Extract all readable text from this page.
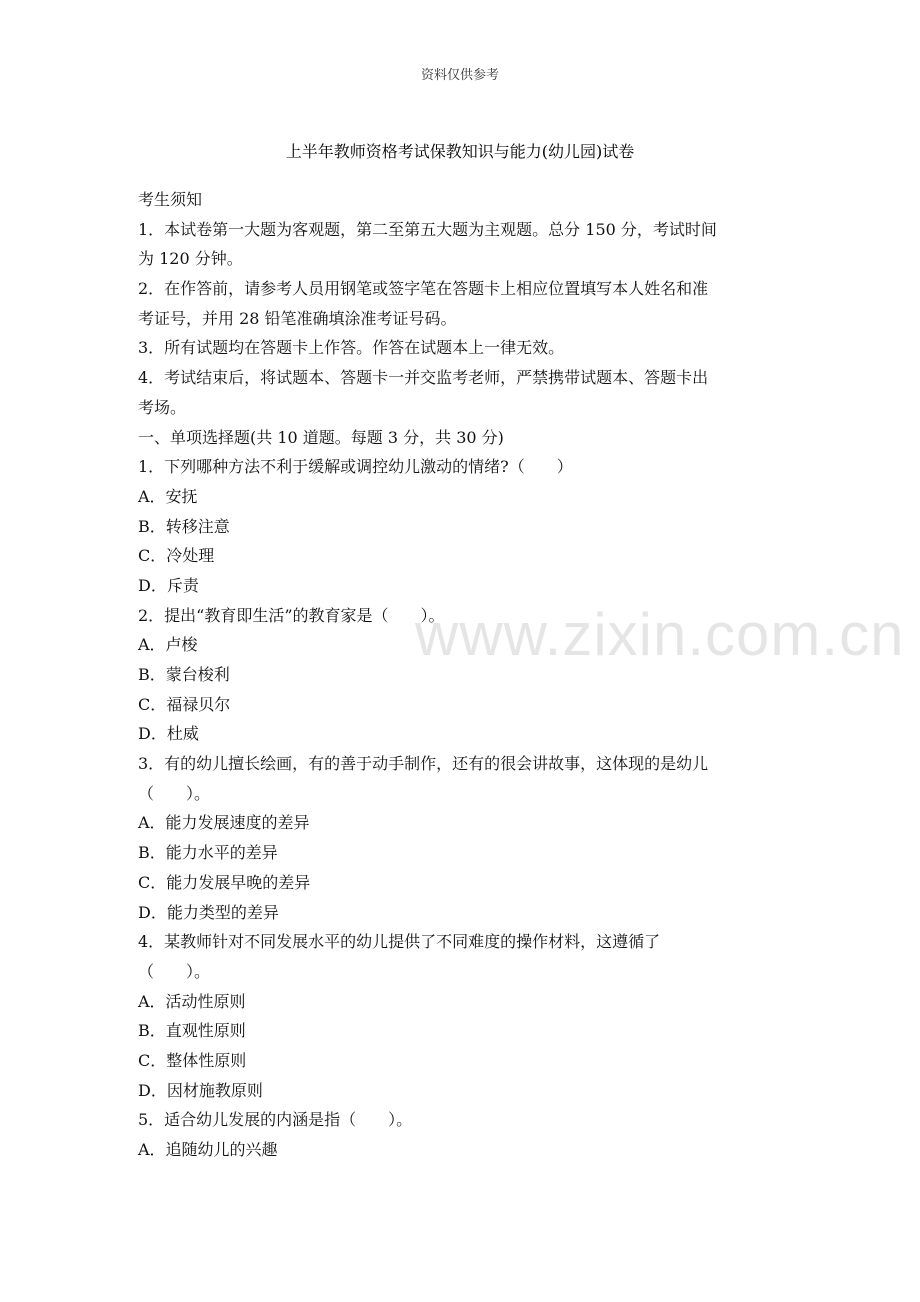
资料仅供参考
上半年教师资格考试保教知识与能力(幼儿园)试卷
www.zixin.com.cn
考生须知
1．本试卷第一大题为客观题，第二至第五大题为主观题。总分 150 分，考试时间
为 120 分钟。
2．在作答前，请参考人员用钢笔或签字笔在答题卡上相应位置填写本人姓名和准
考证号，并用 28 铅笔准确填涂准考证号码。
3．所有试题均在答题卡上作答。作答在试题本上一律无效。
4．考试结束后，将试题本、答题卡一并交监考老师，严禁携带试题本、答题卡出
考场。
一、单项选择题(共 10 道题。每题 3 分，共 30 分)
1．下列哪种方法不利于缓解或调控幼儿激动的情绪?（　　）
A．安抚
B．转移注意
C．冷处理
D．斥责
2．提出“教育即生活”的教育家是（　　）。
A．卢梭
B．蒙台梭利
C．福禄贝尔
D．杜威
3．有的幼儿擅长绘画，有的善于动手制作，还有的很会讲故事，这体现的是幼儿
（　　）。
A．能力发展速度的差异
B．能力水平的差异
C．能力发展早晚的差异
D．能力类型的差异
4．某教师针对不同发展水平的幼儿提供了不同难度的操作材料，这遵循了
（　　）。
A．活动性原则
B．直观性原则
C．整体性原则
D．因材施教原则
5．适合幼儿发展的内涵是指（　　）。
A．追随幼儿的兴趣
